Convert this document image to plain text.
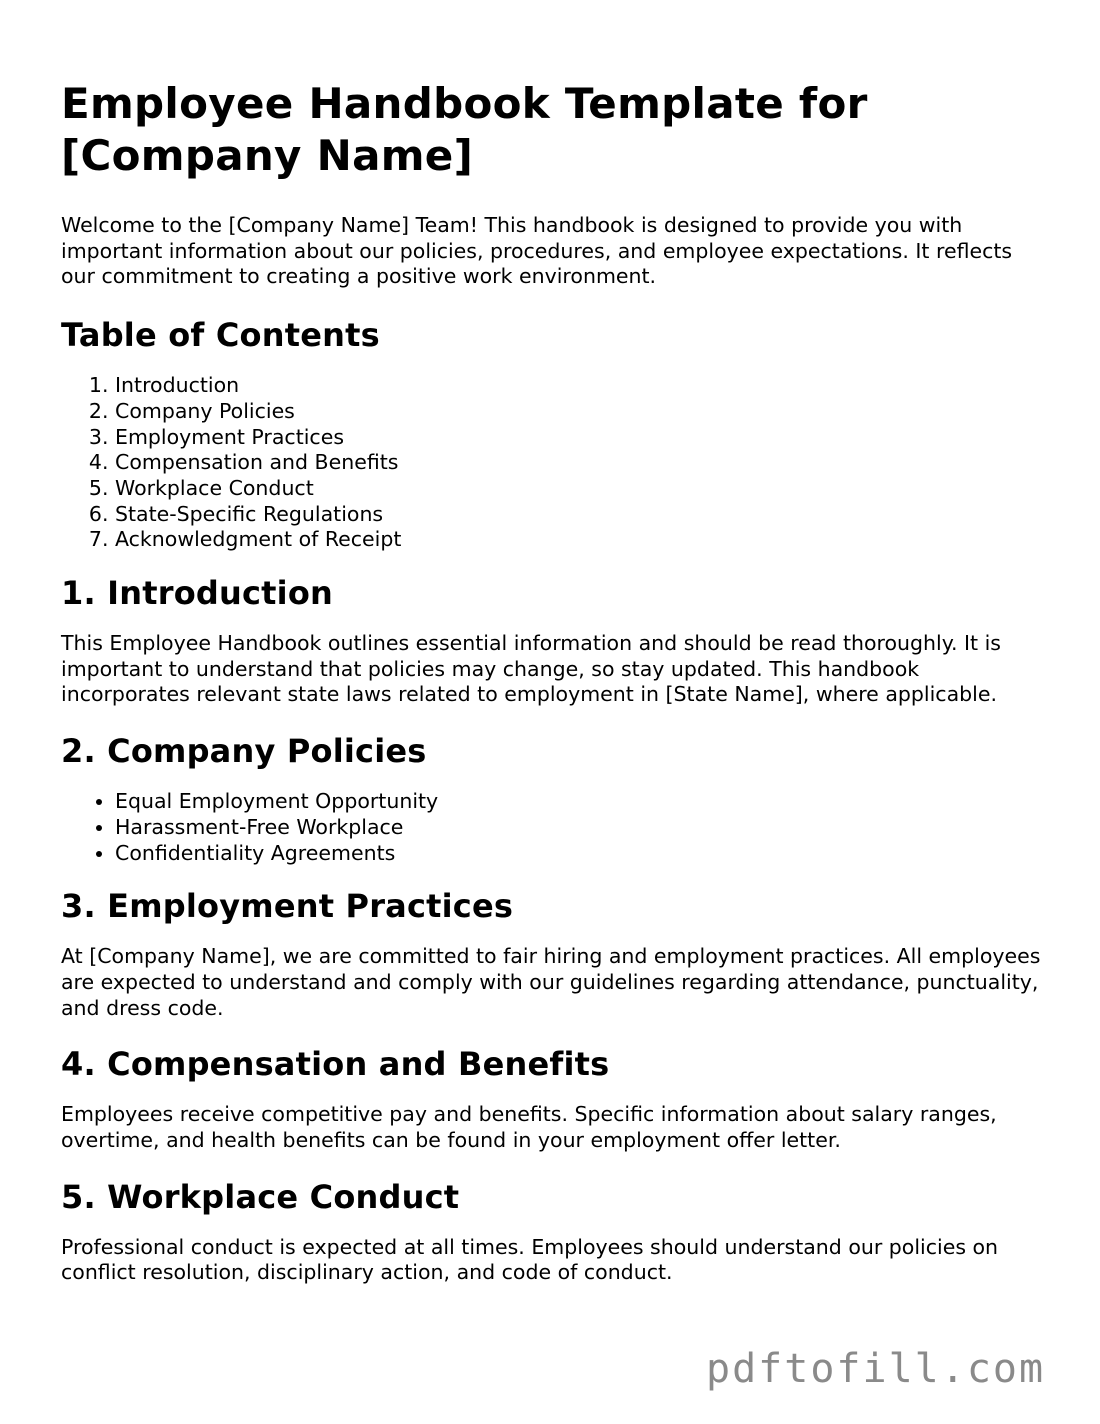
Employee Handbook Template for [Company Name]

Welcome to the [Company Name] Team! This handbook is designed to provide you with important information about our policies, procedures, and employee expectations. It reflects our commitment to creating a positive work environment.

Table of Contents
1. Introduction
2. Company Policies
3. Employment Practices
4. Compensation and Benefits
5. Workplace Conduct
6. State-Specific Regulations
7. Acknowledgment of Receipt
1. Introduction

This Employee Handbook outlines essential information and should be read thoroughly. It is important to understand that policies may change, so stay updated. This handbook incorporates relevant state laws related to employment in [State Name], where applicable.

2. Company Policies
• Equal Employment Opportunity
• Harassment-Free Workplace
• Confidentiality Agreements
3. Employment Practices

At [Company Name], we are committed to fair hiring and employment practices. All employees are expected to understand and comply with our guidelines regarding attendance, punctuality, and dress code.

4. Compensation and Benefits

Employees receive competitive pay and benefits. Specific information about salary ranges, overtime, and health benefits can be found in your employment offer letter.

5. Workplace Conduct

Professional conduct is expected at all times. Employees should understand our policies on conflict resolution, disciplinary action, and code of conduct.

pdftofill.com
